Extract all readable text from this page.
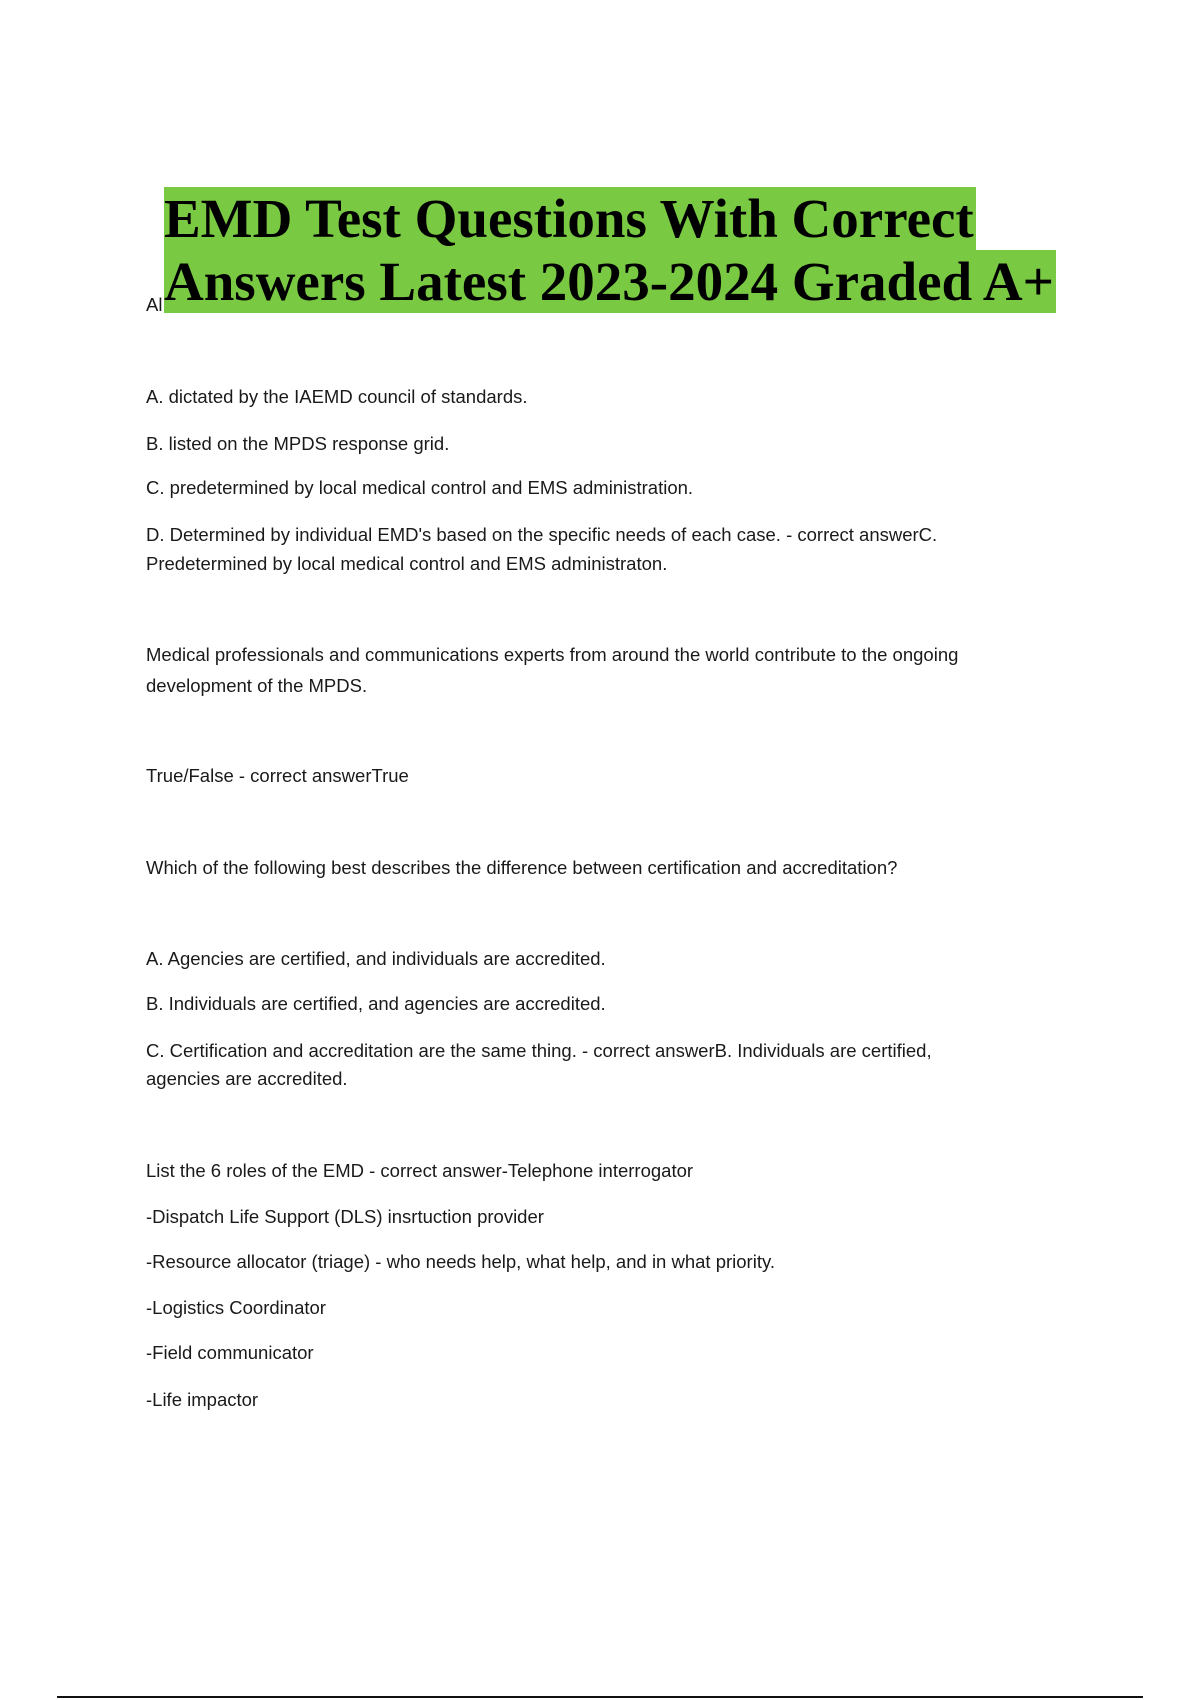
Al
EMD Test Questions With Correct
Answers Latest 2023-2024 Graded A+
A. dictated by the IAEMD council of standards.
B. listed on the MPDS response grid.
C. predetermined by local medical control and EMS administration.
D. Determined by individual EMD's based on the specific needs of each case. - correct answerC.
Predetermined by local medical control and EMS administraton.
Medical professionals and communications experts from around the world contribute to the ongoing
development of the MPDS.
True/False - correct answerTrue
Which of the following best describes the difference between certification and accreditation?
A. Agencies are certified, and individuals are accredited.
B. Individuals are certified, and agencies are accredited.
C. Certification and accreditation are the same thing. - correct answerB. Individuals are certified,
agencies are accredited.
List the 6 roles of the EMD - correct answer-Telephone interrogator
-Dispatch Life Support (DLS) insrtuction provider
-Resource allocator (triage) - who needs help, what help, and in what priority.
-Logistics Coordinator
-Field communicator
-Life impactor
